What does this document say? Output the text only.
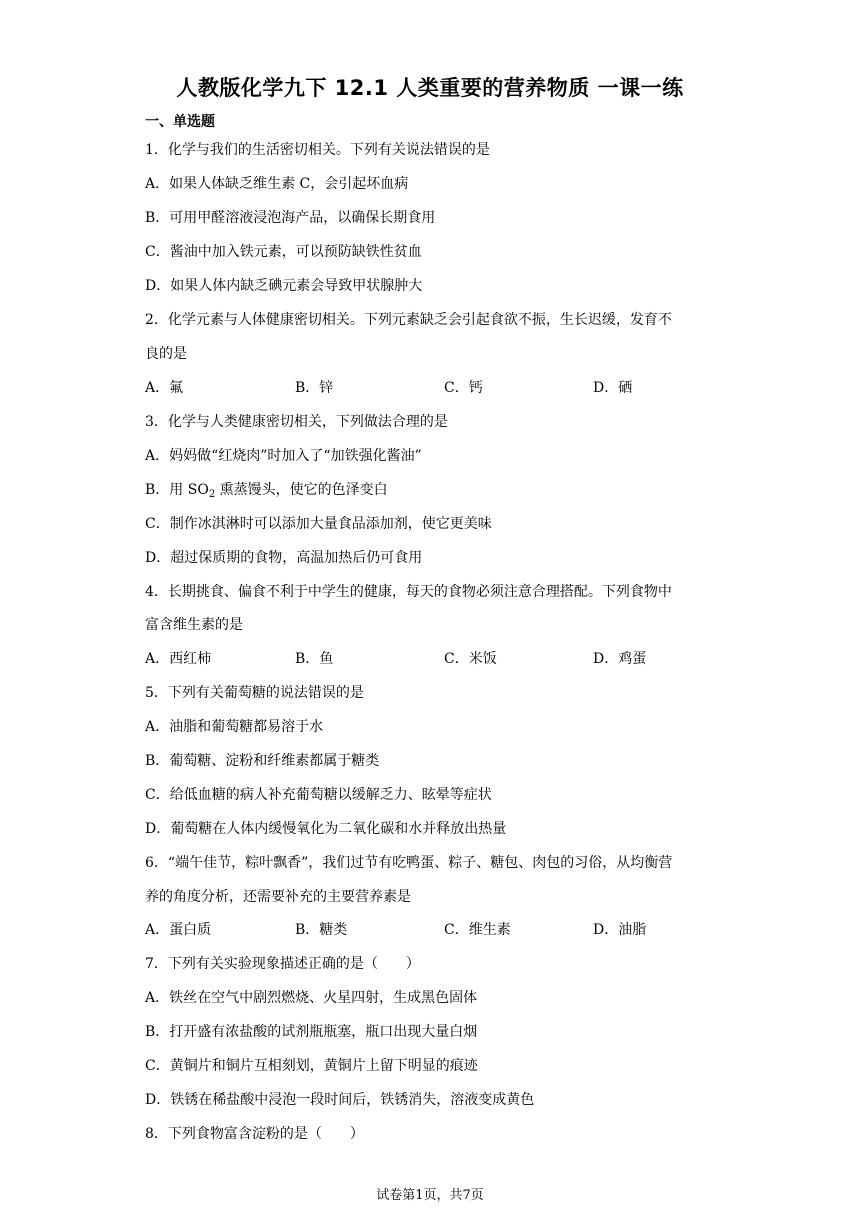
人教版化学九下 12.1 人类重要的营养物质 一课一练
一、单选题
1．化学与我们的生活密切相关。下列有关说法错误的是
A．如果人体缺乏维生素 C，会引起坏血病
B．可用甲醛溶液浸泡海产品，以确保长期食用
C．酱油中加入铁元素，可以预防缺铁性贫血
D．如果人体内缺乏碘元素会导致甲状腺肿大
2．化学元素与人体健康密切相关。下列元素缺乏会引起食欲不振，生长迟缓，发育不
良的是
A．氟	B．锌	C．钙	D．硒
3．化学与人类健康密切相关，下列做法合理的是
A．妈妈做“红烧肉”时加入了“加铁强化酱油”
B．用 $SO_2$ 熏蒸馒头，使它的色泽变白
C．制作冰淇淋时可以添加大量食品添加剂，使它更美味
D．超过保质期的食物，高温加热后仍可食用
4．长期挑食、偏食不利于中学生的健康，每天的食物必须注意合理搭配。下列食物中
富含维生素的是
A．西红柿	B．鱼	C．米饭	D．鸡蛋
5．下列有关葡萄糖的说法错误的是
A．油脂和葡萄糖都易溶于水
B．葡萄糖、淀粉和纤维素都属于糖类
C．给低血糖的病人补充葡萄糖以缓解乏力、眩晕等症状
D．葡萄糖在人体内缓慢氧化为二氧化碳和水并释放出热量
6．“端午佳节，粽叶飘香”，我们过节有吃鸭蛋、粽子、糖包、肉包的习俗，从均衡营
养的角度分析，还需要补充的主要营养素是
A．蛋白质	B．糖类	C．维生素	D．油脂
7．下列有关实验现象描述正确的是（　　）
A．铁丝在空气中剧烈燃烧、火星四射，生成黑色固体
B．打开盛有浓盐酸的试剂瓶瓶塞，瓶口出现大量白烟
C．黄铜片和铜片互相刻划，黄铜片上留下明显的痕迹
D．铁锈在稀盐酸中浸泡一段时间后，铁锈消失，溶液变成黄色
8．下列食物富含淀粉的是（　　）
试卷第1页，共7页
